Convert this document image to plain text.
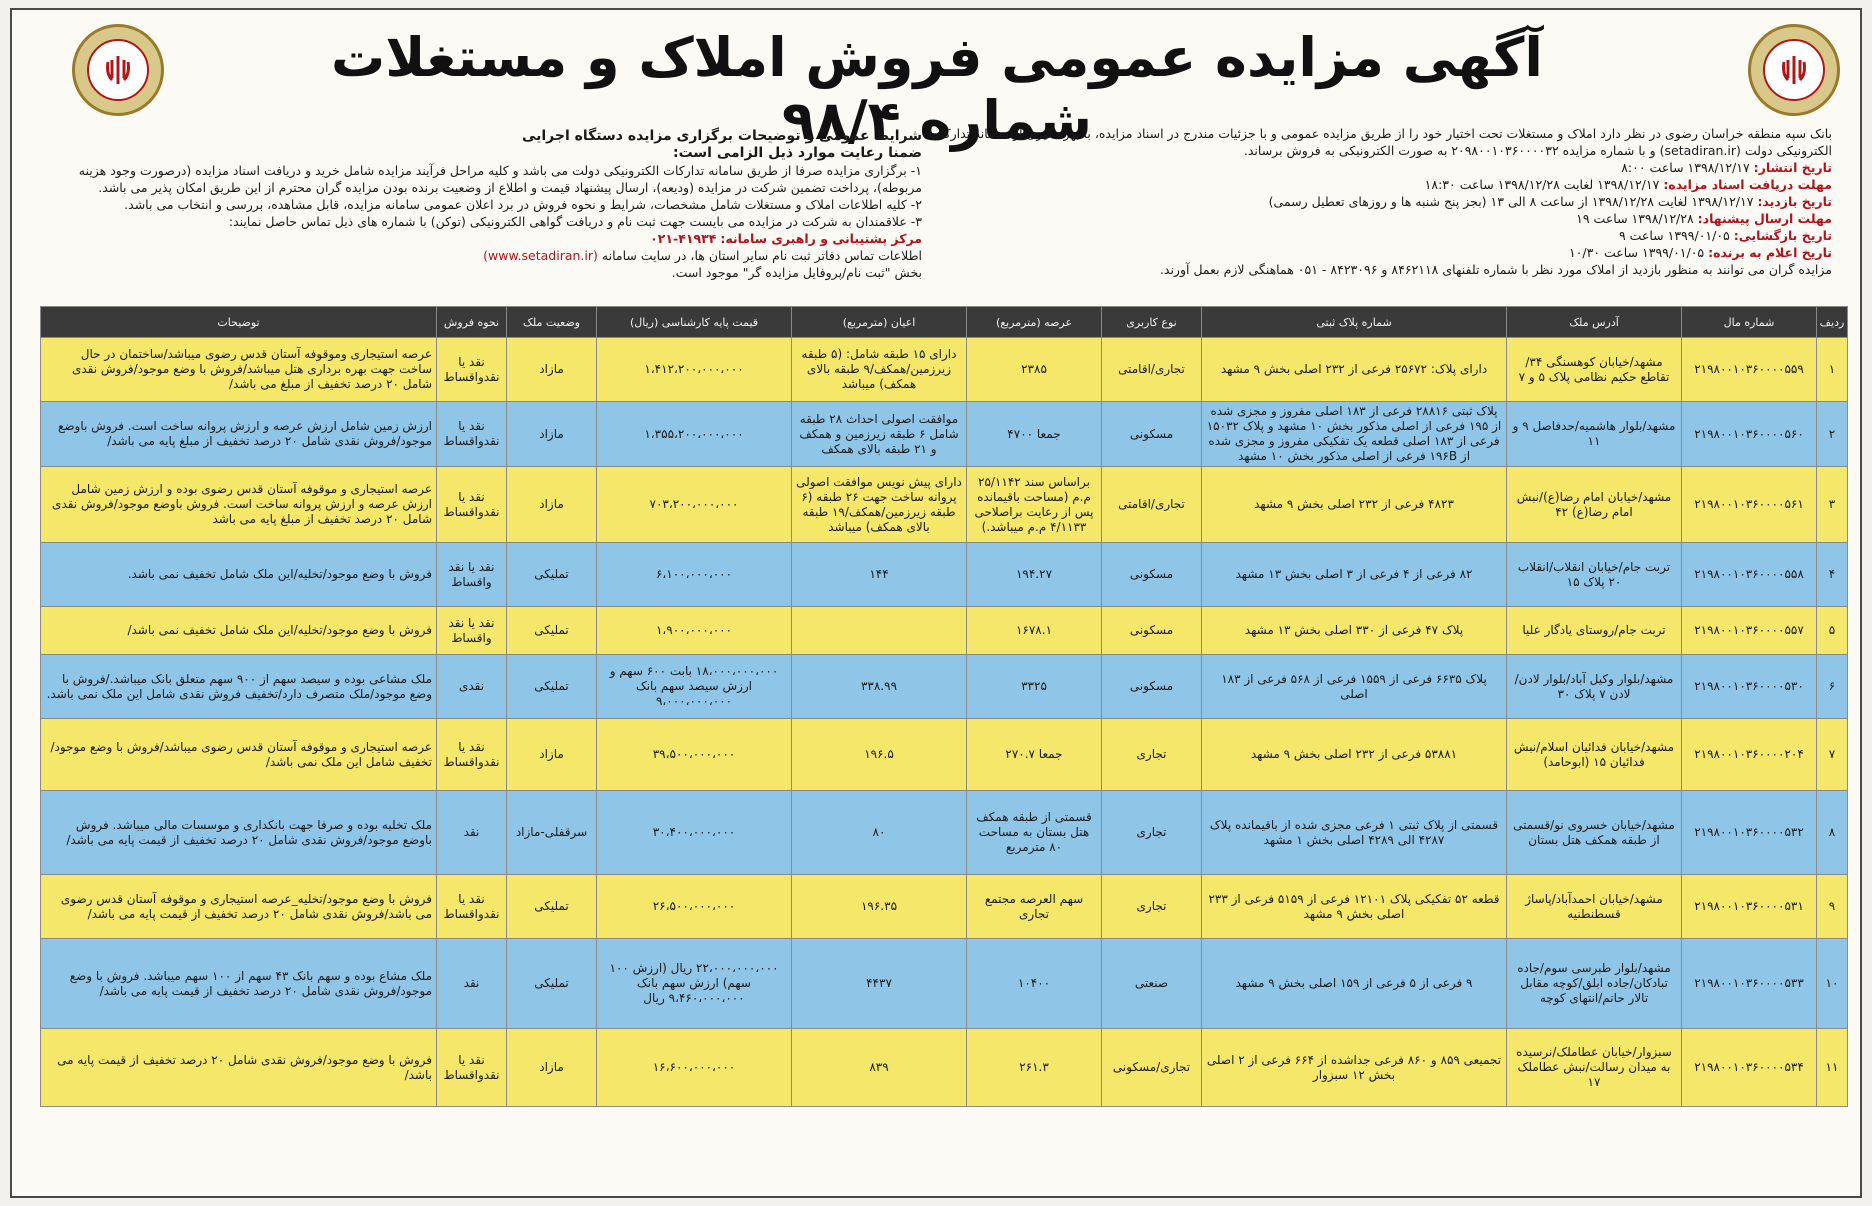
آگهی مزایده عمومی فروش املاک و مستغلات شماره ۹۸/۴
بانک سپه منطقه خراسان رضوی در نظر دارد املاک و مستغلات تحت اختیار خود را از طریق مزایده عمومی و با جزئیات مندرج در اسناد مزایده، با بهره گیری از سامانه تدارکات الکترونیکی دولت (setadiran.ir) و با شماره مزایده ۲۰۹۸۰۰۱۰۳۶۰۰۰۰۳۲ به صورت الکترونیکی به فروش برساند.
تاریخ انتشار: ۱۳۹۸/۱۲/۱۷ ساعت ۸:۰۰
مهلت دریافت اسناد مزایده: ۱۳۹۸/۱۲/۱۷ لغایت ۱۳۹۸/۱۲/۲۸ ساعت ۱۸:۳۰
تاریخ بازدید: ۱۳۹۸/۱۲/۱۷ لغایت ۱۳۹۸/۱۲/۲۸ از ساعت ۸ الی ۱۳ (بجز پنج شنبه ها و روزهای تعطیل رسمی)
مهلت ارسال پیشنهاد: ۱۳۹۸/۱۲/۲۸ ساعت ۱۹
تاریخ بازگشایی: ۱۳۹۹/۰۱/۰۵ ساعت ۹
تاریخ اعلام به برنده: ۱۳۹۹/۰۱/۰۵ ساعت ۱۰/۳۰
مزایده گران می توانند به منظور بازدید از املاک مورد نظر با شماره تلفنهای ۸۴۶۲۱۱۸ و ۸۴۲۳۰۹۶ - ۰۵۱ هماهنگی لازم بعمل آورند.
شرایط عمومی و توضیحات برگزاری مزایده دستگاه اجرایی
ضمنا رعایت موارد ذیل الزامی است:
۱- برگزاری مزایده صرفا از طریق سامانه تدارکات الکترونیکی دولت می باشد و کلیه مراحل فرآیند مزایده شامل خرید و دریافت اسناد مزایده (درصورت وجود هزینه مربوطه)، پرداخت تضمین شرکت در مزایده (ودیعه)، ارسال پیشنهاد قیمت و اطلاع از وضعیت برنده بودن مزایده گران محترم از این طریق امکان پذیر می باشد.
۲- کلیه اطلاعات املاک و مستغلات شامل مشخصات، شرایط و نحوه فروش در برد اعلان عمومی سامانه مزایده، قابل مشاهده، بررسی و انتخاب می باشد.
۳- علاقمندان به شرکت در مزایده می بایست جهت ثبت نام و دریافت گواهی الکترونیکی (توکن) با شماره های ذیل تماس حاصل نمایند:
مرکز پشتیبانی و راهبری سامانه: ۴۱۹۳۴-۰۲۱
اطلاعات تماس دفاتر ثبت نام سایر استان ها، در سایت سامانه (www.setadiran.ir)
بخش "ثبت نام/پروفایل مزایده گر" موجود است.
ردیف	شماره مال	آدرس ملک	شماره پلاک ثبتی	نوع کاربری	عرصه (مترمربع)	اعیان (مترمربع)	قیمت پایه کارشناسی (ریال)	وضعیت ملک	نحوه فروش	توضیحات
۱	۲۱۹۸۰۰۱۰۳۶۰۰۰۰۵۵۹	مشهد/خیابان کوهسنگی ۳۴/تقاطع حکیم نظامی پلاک ۵ و ۷	دارای پلاک: ۲۵۶۷۲ فرعی از ۲۳۲ اصلی بخش ۹ مشهد	تجاری/اقامتی	۲۳۸۵	دارای ۱۵ طبقه شامل: (۵ طبقه زیرزمین/همکف/۹ طبقه بالای همکف) میباشد	۱،۴۱۲،۲۰۰،۰۰۰،۰۰۰	مازاد	نقد یا نقدواقساط	عرصه استیجاری وموقوفه آستان قدس رضوی میباشد/ساختمان در حال ساخت جهت بهره برداری هتل میباشد/فروش با وضع موجود/فروش نقدی شامل ۲۰ درصد تخفیف از مبلغ می باشد/
۲	۲۱۹۸۰۰۱۰۳۶۰۰۰۰۵۶۰	مشهد/بلوار هاشمیه/حدفاصل ۹ و ۱۱	پلاک ثبتی ۲۸۸۱۶ فرعی از ۱۸۳ اصلی مفروز و مجزی شده از ۱۹۵ فرعی از اصلی مذکور بخش ۱۰ مشهد و پلاک ۱۵۰۳۲ فرعی از ۱۸۳ اصلی قطعه یک تفکیکی مفروز و مجزی شده از ۱۹۶B فرعی از اصلی مذکور بخش ۱۰ مشهد	مسکونی	جمعا ۴۷۰۰	موافقت اصولی احداث ۲۸ طبقه شامل ۶ طبقه زیرزمین و همکف و ۲۱ طبقه بالای همکف	۱،۳۵۵،۲۰۰،۰۰۰،۰۰۰	مازاد	نقد یا نقدواقساط	ارزش زمین شامل ارزش عرصه و ارزش پروانه ساخت است. فروش باوضع موجود/فروش نقدی شامل ۲۰ درصد تخفیف از مبلغ پایه می باشد/
۳	۲۱۹۸۰۰۱۰۳۶۰۰۰۰۵۶۱	مشهد/خیابان امام رضا(ع)/نبش امام رضا(ع) ۴۲	۴۸۲۳ فرعی از ۲۳۲ اصلی بخش ۹ مشهد	تجاری/اقامتی	براساس سند ۲۵/۱۱۴۲ م.م (مساحت باقیمانده پس از رعایت براصلاحی ۴/۱۱۳۳ م.م میباشد.)	دارای پیش نویس موافقت اصولی پروانه ساخت جهت ۲۶ طبقه (۶ طبقه زیرزمین/همکف/۱۹ طبقه بالای همکف) میباشد	۷۰۳،۲۰۰،۰۰۰،۰۰۰	مازاد	نقد یا نقدواقساط	عرصه استیجاری و موقوفه آستان قدس رضوی بوده و ارزش زمین شامل ارزش عرصه و ارزش پروانه ساخت است. فروش باوضع موجود/فروش نقدی شامل ۲۰ درصد تخفیف از مبلغ پایه می باشد
۴	۲۱۹۸۰۰۱۰۳۶۰۰۰۰۵۵۸	تربت جام/خیابان انقلاب/انقلاب ۲۰ پلاک ۱۵	۸۲ فرعی از ۴ فرعی از ۳ اصلی بخش ۱۳ مشهد	مسکونی	۱۹۴.۲۷	۱۴۴	۶،۱۰۰،۰۰۰،۰۰۰	تملیکی	نقد یا نقد واقساط	فروش با وضع موجود/تخلیه/این ملک شامل تخفیف نمی باشد.
۵	۲۱۹۸۰۰۱۰۳۶۰۰۰۰۵۵۷	تربت جام/روستای یادگار علیا	پلاک ۴۷ فرعی از ۳۳۰ اصلی بخش ۱۳ مشهد	مسکونی	۱۶۷۸.۱		۱،۹۰۰،۰۰۰،۰۰۰	تملیکی	نقد یا نقد واقساط	فروش با وضع موجود/تخلیه/این ملک شامل تخفیف نمی باشد/
۶	۲۱۹۸۰۰۱۰۳۶۰۰۰۰۵۳۰	مشهد/بلوار وکیل آباد/بلوار لادن/لادن ۷ پلاک ۳۰	پلاک ۶۶۳۵ فرعی از ۱۵۵۹ فرعی از ۵۶۸ فرعی از ۱۸۳ اصلی	مسکونی	۳۳۲۵	۳۳۸.۹۹	۱۸،۰۰۰،۰۰۰،۰۰۰ بابت ۶۰۰ سهم و ارزش سیصد سهم بانک ۹،۰۰۰،۰۰۰،۰۰۰	تملیکی	نقدی	ملک مشاعی بوده و سیصد سهم از ۹۰۰ سهم متعلق بانک میباشد./فروش با وضع موجود/ملک متصرف دارد/تخفیف فروش نقدی شامل این ملک نمی باشد.
۷	۲۱۹۸۰۰۱۰۳۶۰۰۰۰۲۰۴	مشهد/خیابان فدائیان اسلام/نبش فدائیان ۱۵ (ابوحامد)	۵۳۸۸۱ فرعی از ۲۳۲ اصلی بخش ۹ مشهد	تجاری	جمعا ۲۷۰.۷	۱۹۶.۵	۳۹،۵۰۰،۰۰۰،۰۰۰	مازاد	نقد یا نقدواقساط	عرصه استیجاری و موقوفه آستان قدس رضوی میباشد/فروش با وضع موجود/تخفیف شامل این ملک نمی باشد/
۸	۲۱۹۸۰۰۱۰۳۶۰۰۰۰۵۳۲	مشهد/خیابان خسروی نو/قسمتی از طبقه همکف هتل بستان	قسمتی از پلاک ثبتی ۱ فرعی مجزی شده از باقیمانده پلاک ۴۲۸۷ الی ۴۲۸۹ اصلی بخش ۱ مشهد	تجاری	قسمتی از طبقه همکف هتل بستان به مساحت ۸۰ مترمربع	۸۰	۳۰،۴۰۰،۰۰۰،۰۰۰	سرقفلی-مازاد	نقد	ملک تخلیه بوده و صرفا جهت بانکداری و موسسات مالی میباشد. فروش باوضع موجود/فروش نقدی شامل ۲۰ درصد تخفیف از قیمت پایه می باشد/
۹	۲۱۹۸۰۰۱۰۳۶۰۰۰۰۵۳۱	مشهد/خیابان احمدآباد/پاساژ قسطنطنیه	قطعه ۵۲ تفکیکی پلاک ۱۲۱۰۱ فرعی از ۵۱۵۹ فرعی از ۲۳۳ اصلی بخش ۹ مشهد	تجاری	سهم العرصه مجتمع تجاری	۱۹۶.۳۵	۲۶،۵۰۰،۰۰۰،۰۰۰	تملیکی	نقد یا نقدواقساط	فروش با وضع موجود/تخلیه_عرصه استیجاری و موقوفه آستان قدس رضوی می باشد/فروش نقدی شامل ۲۰ درصد تخفیف از قیمت پایه می باشد/
۱۰	۲۱۹۸۰۰۱۰۳۶۰۰۰۰۵۳۳	مشهد/بلوار طبرسی سوم/جاده تبادکان/جاده ابلق/کوچه مقابل تالار حاتم/انتهای کوچه	۹ فرعی از ۵ فرعی از ۱۵۹ اصلی بخش ۹ مشهد	صنعتی	۱۰۴۰۰	۴۴۳۷	۲۲،۰۰۰،۰۰۰،۰۰۰ ریال (ارزش ۱۰۰ سهم) ارزش سهم بانک ۹،۴۶۰،۰۰۰،۰۰۰ ریال	تملیکی	نقد	ملک مشاع بوده و سهم بانک ۴۳ سهم از ۱۰۰ سهم میباشد. فروش با وضع موجود/فروش نقدی شامل ۲۰ درصد تخفیف از قیمت پایه می باشد/
۱۱	۲۱۹۸۰۰۱۰۳۶۰۰۰۰۵۳۴	سبزوار/خیابان عطاملک/نرسیده به میدان رسالت/نبش عطاملک ۱۷	تجمیعی ۸۵۹ و ۸۶۰ فرعی جداشده از ۶۶۴ فرعی از ۲ اصلی بخش ۱۲ سبزوار	تجاری/مسکونی	۲۶۱.۳	۸۳۹	۱۶،۶۰۰،۰۰۰،۰۰۰	مازاد	نقد یا نقدواقساط	فروش با وضع موجود/فروش نقدی شامل ۲۰ درصد تخفیف از قیمت پایه می باشد/
